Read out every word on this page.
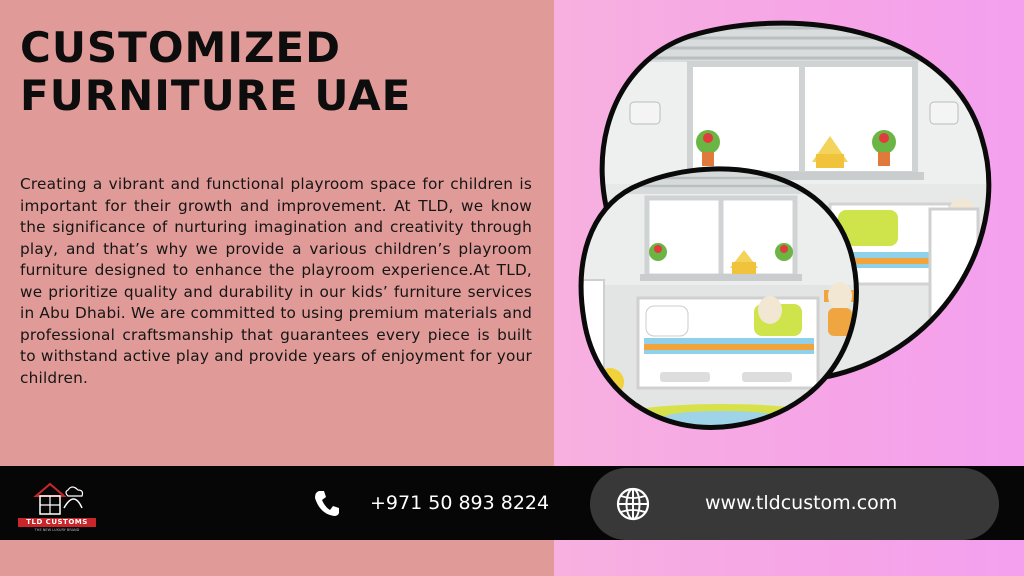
CUSTOMIZED
FURNITURE UAE

Creating a vibrant and functional playroom space for children is important for their growth and improvement. At TLD, we know the significance of nurturing imagination and creativity through play, and that’s why we provide a various children’s playroom furniture designed to enhance the playroom experience.At TLD, we prioritize quality and durability in our kids’ furniture services in Abu Dhabi. We are committed to using premium materials and professional craftsmanship that guarantees every piece is built to withstand active play and provide years of enjoyment for your children.

TLD CUSTOMS
THE NEW LUXURY BRAND
+971 50 893 8224	www.tldcustom.com
